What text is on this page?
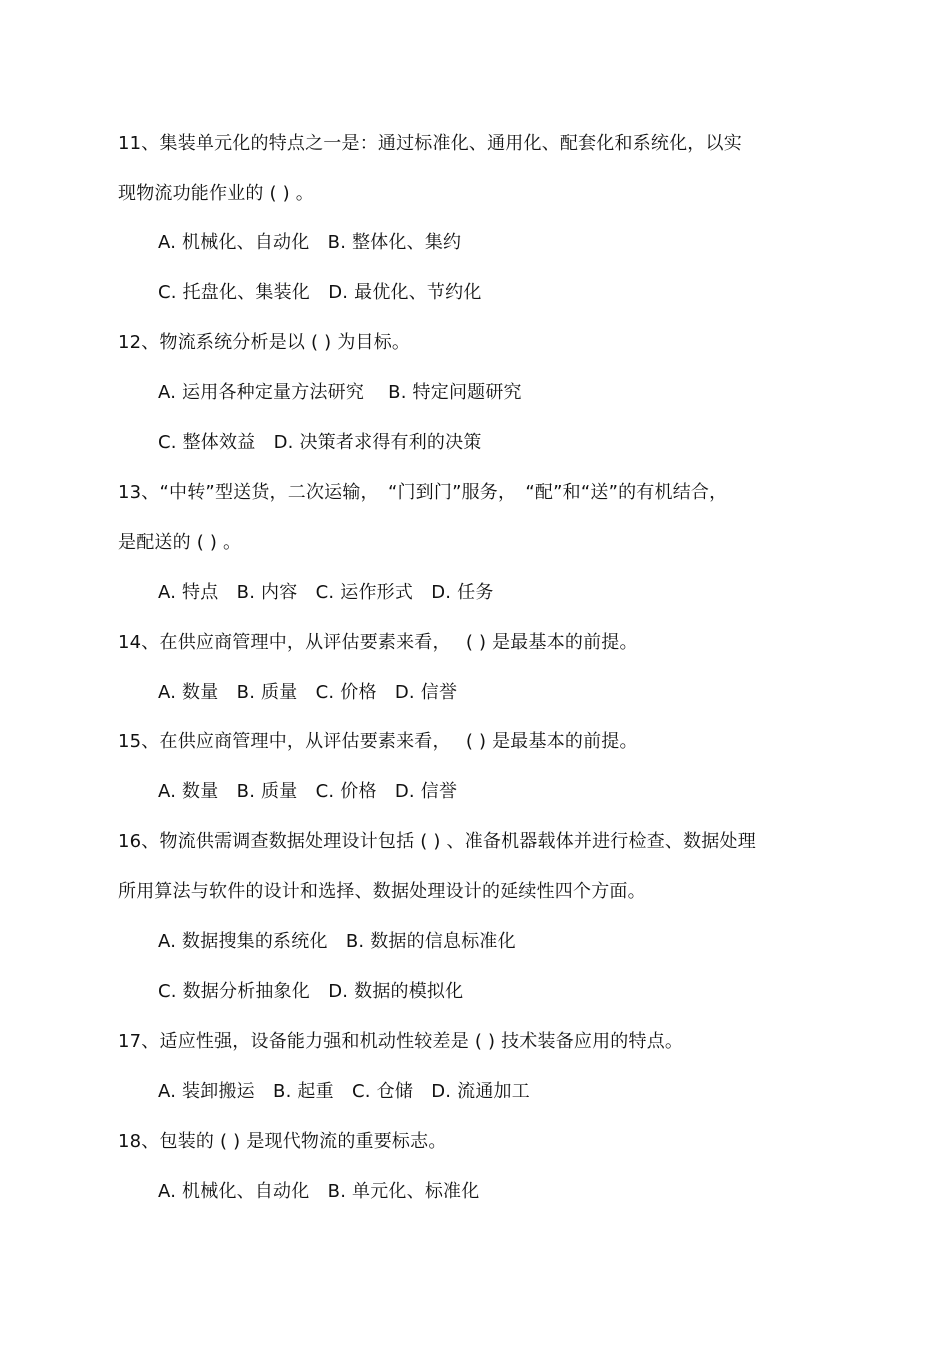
11、集装单元化的特点之一是：通过标准化、通用化、配套化和系统化，以实
现物流功能作业的 ( ) 。
A. 机械化、自动化　B. 整体化、集约
C. 托盘化、集装化　D. 最优化、节约化
12、物流系统分析是以 ( ) 为目标。
A. 运用各种定量方法研究　 B. 特定问题研究
C. 整体效益　D. 决策者求得有利的决策
13、“中转”型送货，二次运输，　“门到门”服务，　“配”和“送”的有机结合，
是配送的 ( ) 。
A. 特点　B. 内容　C. 运作形式　D. 任务
14、在供应商管理中，从评估要素来看，　 ( ) 是最基本的前提。
A. 数量　B. 质量　C. 价格　D. 信誉
15、在供应商管理中，从评估要素来看，　 ( ) 是最基本的前提。
A. 数量　B. 质量　C. 价格　D. 信誉
16、物流供需调查数据处理设计包括 ( ) 、准备机器载体并进行检查、数据处理
所用算法与软件的设计和选择、数据处理设计的延续性四个方面。
A. 数据搜集的系统化　B. 数据的信息标准化
C. 数据分析抽象化　D. 数据的模拟化
17、适应性强，设备能力强和机动性较差是 ( ) 技术装备应用的特点。
A. 装卸搬运　B. 起重　C. 仓储　D. 流通加工
18、包装的 ( ) 是现代物流的重要标志。
A. 机械化、自动化　B. 单元化、标准化
